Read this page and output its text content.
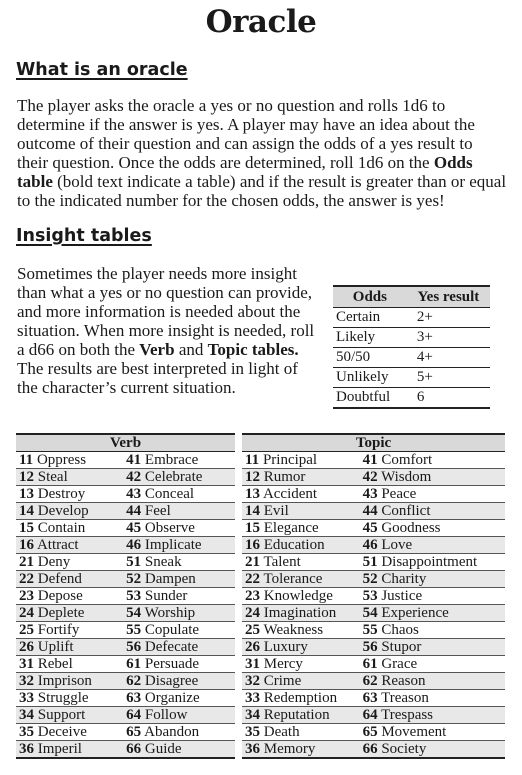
Oracle
What is an oracle

The player asks the oracle a yes or no question and rolls 1d6 to determine if the answer is yes. A player may have an idea about the outcome of their question and can assign the odds of a yes result to their question. Once the odds are determined, roll 1d6 on the Odds table (bold text indicate a table) and if the result is greater than or equal to the indicated number for the chosen odds, the answer is yes!

Insight tables

Sometimes the player needs more insight than what a yes or no question can provide, and more information is needed about the situation. When more insight is needed, roll a d66 on both the Verb and Topic tables. The results are best interpreted in light of the character’s current situation.

Odds	Yes result
Certain	2+
Likely	3+
50/50	4+
Unlikely	5+
Doubtful	6
Verb	
11 Oppress	41 Embrace
12 Steal	42 Celebrate
13 Destroy	43 Conceal
14 Develop	44 Feel
15 Contain	45 Observe
16 Attract	46 Implicate
21 Deny	51 Sneak
22 Defend	52 Dampen
23 Depose	53 Sunder
24 Deplete	54 Worship
25 Fortify	55 Copulate
26 Uplift	56 Defecate
31 Rebel	61 Persuade
32 Imprison	62 Disagree
33 Struggle	63 Organize
34 Support	64 Follow
35 Deceive	65 Abandon
36 Imperil	66 Guide
Topic	
11 Principal	41 Comfort
12 Rumor	42 Wisdom
13 Accident	43 Peace
14 Evil	44 Conflict
15 Elegance	45 Goodness
16 Education	46 Love
21 Talent	51 Disappointment
22 Tolerance	52 Charity
23 Knowledge	53 Justice
24 Imagination	54 Experience
25 Weakness	55 Chaos
26 Luxury	56 Stupor
31 Mercy	61 Grace
32 Crime	62 Reason
33 Redemption	63 Treason
34 Reputation	64 Trespass
35 Death	65 Movement
36 Memory	66 Society
